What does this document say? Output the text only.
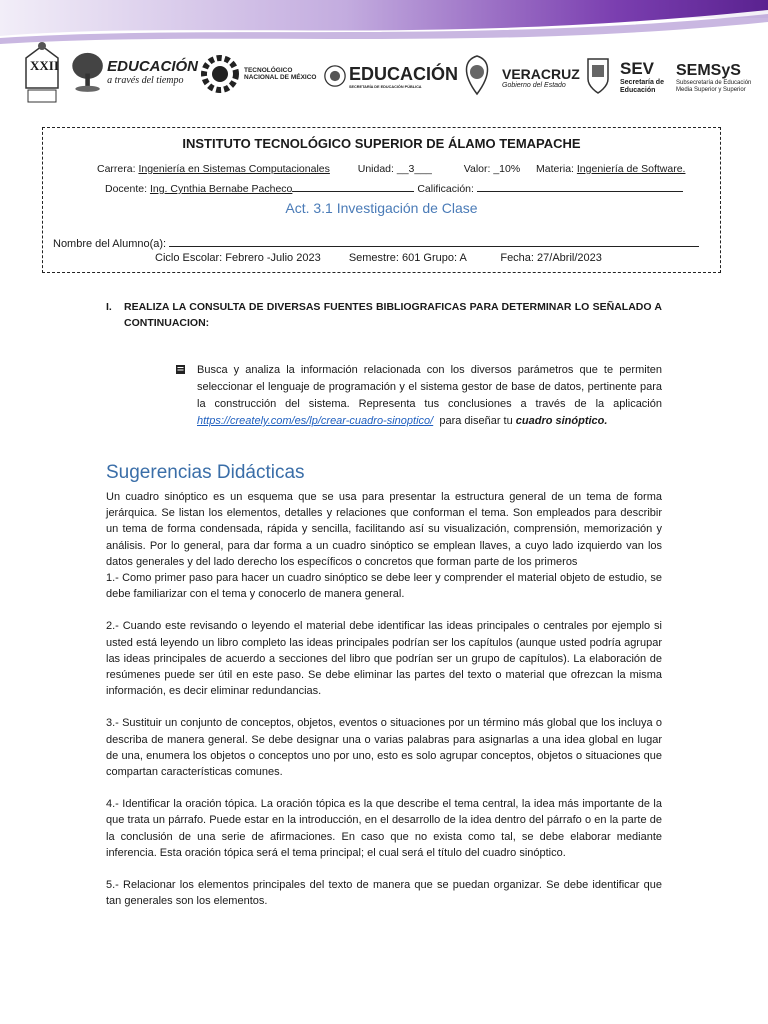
XXII	EDUCACIÓN
a través del tiempo
TECNOLÓGICO
NACIONAL DE MÉXICO EDUCACIÓN
SECRETARÍA DE EDUCACIÓN PÚBLICA
VERACRUZ
Gobierno del Estado
SEV
Secretaría de Educación
SEMSyS
Subsecretaría de Educación Media Superior y Superior
INSTITUTO TECNOLÓGICO SUPERIOR DE ÁLAMO TEMAPACHE
Carrera: Ingeniería en Sistemas Computacionales	Unidad: __3___	Valor: _10% Materia: Ingeniería de Software.
Docente: Ing. Cynthia Bernabe Pacheco	Calificación:
Act. 3.1 Investigación de Clase
Nombre del Alumno(a):
Ciclo Escolar: Febrero -Julio 2023	Semestre: 601 Grupo: A	Fecha: 27/Abril/2023
I. REALIZA LA CONSULTA DE DIVERSAS FUENTES BIBLIOGRAFICAS PARA DETERMINAR LO SEÑALADO A CONTINUACION:
Busca y analiza la información relacionada con los diversos parámetros que te permiten seleccionar el lenguaje de programación y el sistema gestor de base de datos, pertinente para la construcción del sistema. Representa tus conclusiones a través de la aplicación https://creately.com/es/lp/crear-cuadro-sinoptico/ para diseñar tu cuadro sinóptico.
Sugerencias Didácticas

Un cuadro sinóptico es un esquema que se usa para presentar la estructura general de un tema de forma jerárquica. Se listan los elementos, detalles y relaciones que conforman el tema. Son empleados para describir un tema de forma condensada, rápida y sencilla, facilitando así su visualización, comprensión, memorización y análisis. Por lo general, para dar forma a un cuadro sinóptico se emplean llaves, a cuyo lado izquierdo van los datos generales y del lado derecho los específicos o concretos que forman parte de los primeros

1.- Como primer paso para hacer un cuadro sinóptico se debe leer y comprender el material objeto de estudio, se debe familiarizar con el tema y conocerlo de manera general.

2.- Cuando este revisando o leyendo el material debe identificar las ideas principales o centrales por ejemplo si usted está leyendo un libro completo las ideas principales podrían ser los capítulos (aunque usted podría agrupar las ideas principales de acuerdo a secciones del libro que podrían ser un grupo de capítulos). La elaboración de resúmenes puede ser útil en este paso. Se debe eliminar las partes del texto o material que ofrezcan la misma información, es decir eliminar redundancias.

3.- Sustituir un conjunto de conceptos, objetos, eventos o situaciones por un término más global que los incluya o describa de manera general. Se debe designar una o varias palabras para asignarlas a una idea global en lugar de una, enumera los objetos o conceptos uno por uno, esto es solo agrupar conceptos, objetos o situaciones que compartan características comunes.

4.- Identificar la oración tópica. La oración tópica es la que describe el tema central, la idea más importante de la que trata un párrafo. Puede estar en la introducción, en el desarrollo de la idea dentro del párrafo o en la parte de la conclusión de una serie de afirmaciones. En caso que no exista como tal, se debe elaborar mediante inferencia. Esta oración tópica será el tema principal; el cual será el título del cuadro sinóptico.

5.- Relacionar los elementos principales del texto de manera que se puedan organizar. Se debe identificar que tan generales son los elementos.
